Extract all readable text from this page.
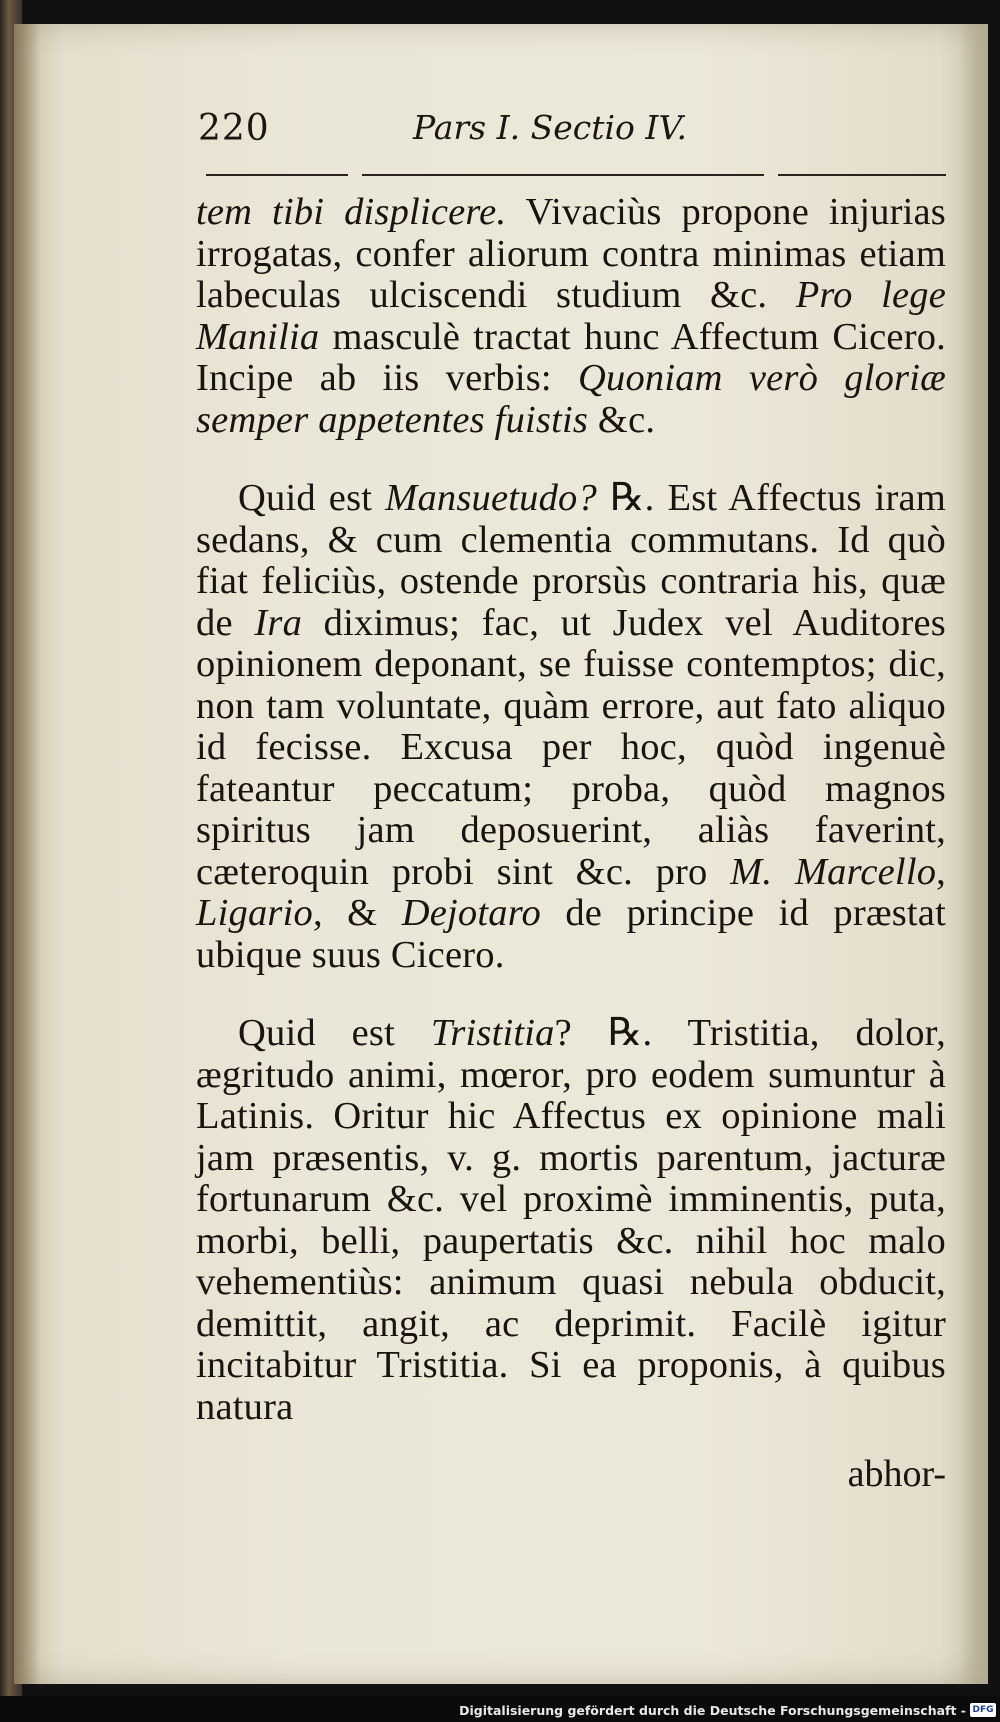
220	Pars I. Sectio IV.

tem tibi displicere. Vivaciùs propone injurias irrogatas, confer aliorum contra minimas etiam labeculas ulciscendi studium &c. Pro lege Manilia masculè tractat hunc Affectum Cicero. Incipe ab iis verbis: Quoniam verò gloriæ semper appetentes fuistis &c.

Quid est Mansuetudo? ℞. Est Affectus iram sedans, & cum clementia commutans. Id quò fiat feliciùs, ostende prorsùs contraria his, quæ de Ira diximus; fac, ut Judex vel Auditores opinionem deponant, se fuisse contemptos; dic, non tam voluntate, quàm errore, aut fato aliquo id fecisse. Excusa per hoc, quòd ingenuè fateantur peccatum; proba, quòd magnos spiritus jam deposuerint, aliàs faverint, cæteroquin probi sint &c. pro M. Marcello, Ligario, & Dejotaro de principe id præstat ubique suus Cicero.

Quid est Tristitia? ℞. Tristitia, dolor, ægritudo animi, mœror, pro eodem sumuntur à Latinis. Oritur hic Affectus ex opinione mali jam præsentis, v. g. mortis parentum, jacturæ fortunarum &c. vel proximè imminentis, puta, morbi, belli, paupertatis &c. nihil hoc malo vehementiùs: animum quasi nebula obducit, demittit, angit, ac deprimit. Facilè igitur incitabitur Tristitia. Si ea proponis, à quibus natura

abhor-
Digitalisierung gefördert durch die Deutsche Forschungsgemeinschaft - DFG
